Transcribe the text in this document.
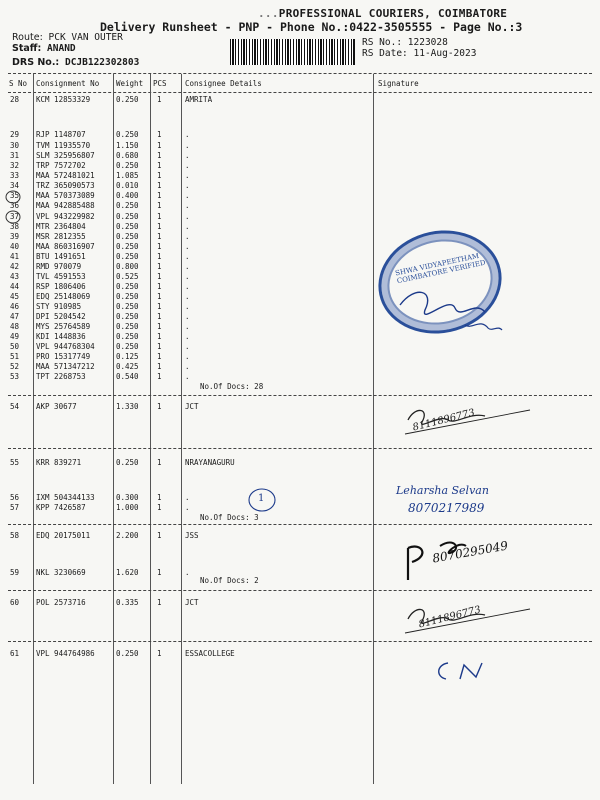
...PROFESSIONAL COURIERS, COIMBATORE
Delivery Runsheet - PNP - Phone No.:0422-3505555 - Page No.:3
Route: PCK VAN OUTER
Staff: ANAND
DRS No.: DCJB122302803
RS No.: 1223028
RS Date: 11-Aug-2023
S No Consignment No Weight PCS Consignee Details	Signature
28 KCM 12853329	0.250 1	AMRITA
29 RJP 1148707	0.250 1	.
30 TVM 11935570	1.150 1	.
31 SLM 325956807	0.680 1	.
32 TRP 7572702	0.250 1	.
33 MAA 572481021	1.085 1	.
34 TRZ 365090573	0.010 1	.
35 MAA 570373089	0.400 1	.
36 MAA 942885488	0.250 1	.
37 VPL 943229982	0.250 1	.
38 MTR 2364804	0.250 1	.
39 MSR 2812355	0.250 1	.
40 MAA 860316907	0.250 1	.
41 BTU 1491651	0.250 1	.
42 RMD 970079	0.800 1	.
43 TVL 4591553	0.525 1	.
44 RSP 1806406	0.250 1	.
45 EDQ 25148069	0.250 1	.
46 STY 910985	0.250 1	.
47 DPI 5204542	0.250 1	.
48 MYS 25764589	0.250 1	.
49 KDI 1448836	0.250 1	.
50 VPL 944768304	0.250 1	.
51 PRO 15317749	0.125 1	.
52 MAA 571347212	0.425 1	.
53 TPT 2268753	0.540 1	.
54 AKP 30677	1.330 1	JCT
55 KRR 839271	0.250 1	NRAYANAGURU
56 IXM 504344133	0.300 1	.
57 KPP 7426587	1.000 1	.
58 EDQ 20175011	2.200 1	JSS
59 NKL 3230669	1.620 1	.
60 POL 2573716	0.335 1	JCT
61 VPL 944764986	0.250 1	ESSACOLLEGE
No.Of Docs: 28
No.Of Docs: 3
No.Of Docs: 2
SHWA VIDYAPEETHAM COIMBATORE VERIFIED
8111896773
1
Leharsha Selvan
8070217989
8070295049
8111896773
